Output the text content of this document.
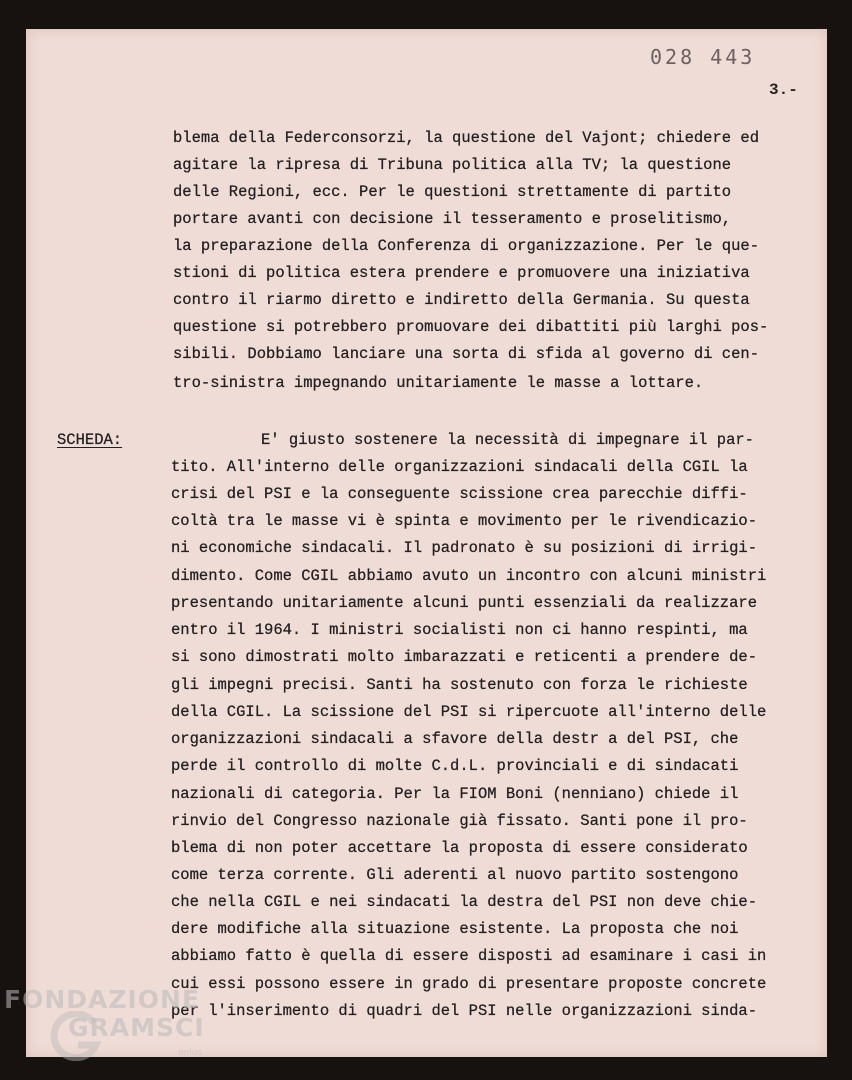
028 443
3.-
blema della Federconsorzi, la questione del Vajont; chiedere ed
agitare la ripresa di Tribuna politica alla TV; la questione
delle Regioni, ecc. Per le questioni strettamente di partito
portare avanti con decisione il tesseramento e proselitismo,
la preparazione della Conferenza di organizzazione. Per le que-
stioni di politica estera prendere e promuovere una iniziativa
contro il riarmo diretto e indiretto della Germania. Su questa
questione si potrebbero promuovare dei dibattiti più larghi pos-
sibili. Dobbiamo lanciare una sorta di sfida al governo di cen-
tro-sinistra impegnando unitariamente le masse a lottare.
SCHEDA:	E' giusto sostenere la necessità di impegnare il par-
tito. All'interno delle organizzazioni sindacali della CGIL la
crisi del PSI e la conseguente scissione crea parecchie diffi-
coltà tra le masse vi è spinta e movimento per le rivendicazio-
ni economiche sindacali. Il padronato è su posizioni di irrigi-
dimento. Come CGIL abbiamo avuto un incontro con alcuni ministri
presentando unitariamente alcuni punti essenziali da realizzare
entro il 1964. I ministri socialisti non ci hanno respinti, ma
si sono dimostrati molto imbarazzati e reticenti a prendere de-
gli impegni precisi. Santi ha sostenuto con forza le richieste
della CGIL. La scissione del PSI si ripercuote all'interno delle
organizzazioni sindacali a sfavore della destr a del PSI, che
perde il controllo di molte C.d.L. provinciali e di sindacati
nazionali di categoria. Per la FIOM Boni (nenniano) chiede il
rinvio del Congresso nazionale già fissato. Santi pone il pro-
blema di non poter accettare la proposta di essere considerato
come terza corrente. Gli aderenti al nuovo partito sostengono
che nella CGIL e nei sindacati la destra del PSI non deve chie-
dere modifiche alla situazione esistente. La proposta che noi
abbiamo fatto è quella di essere disposti ad esaminare i casi in
cui essi possono essere in grado di presentare proposte concrete
per l'inserimento di quadri del PSI nelle organizzazioni sinda-
FONDAZIONE
GRAMSCI
onlus
